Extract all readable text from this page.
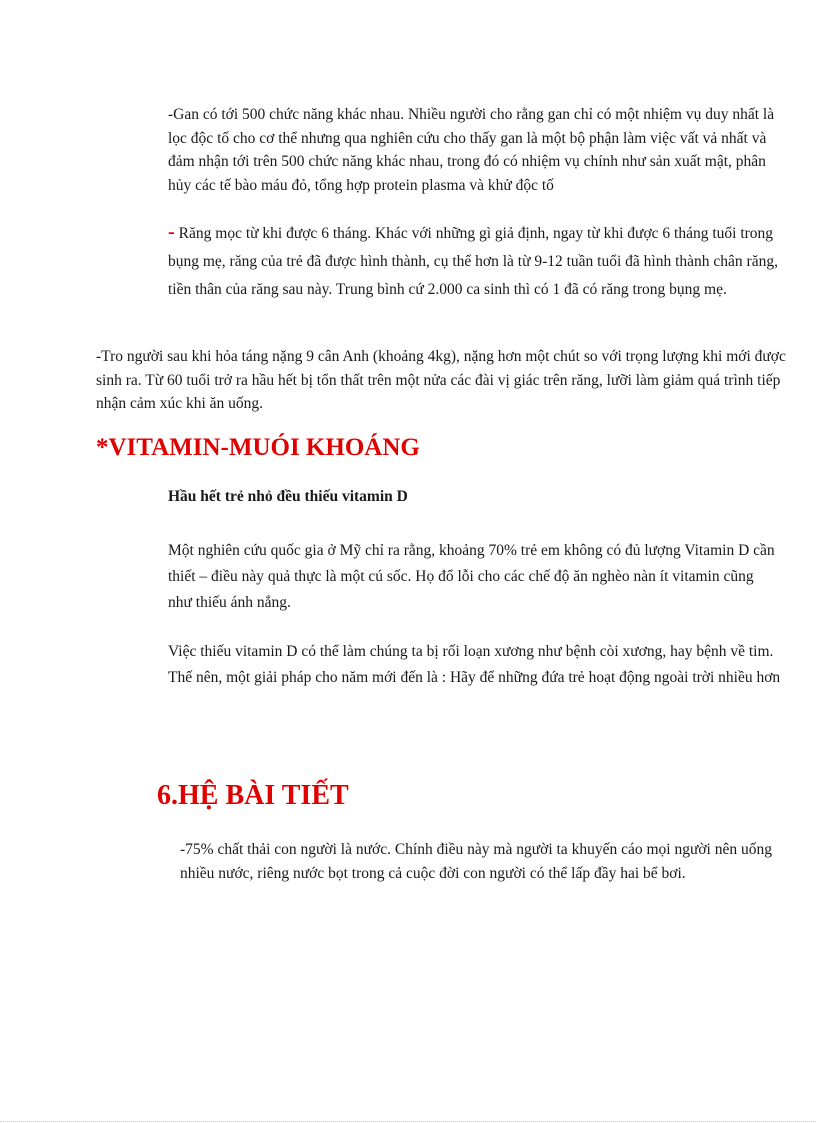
-Gan có tới 500 chức năng khác nhau. Nhiều người cho rằng gan chỉ có một nhiệm vụ duy nhất là lọc độc tố cho cơ thể nhưng qua nghiên cứu cho thấy gan là một bộ phận làm việc vất vả nhất và đảm nhận tới trên 500 chức năng khác nhau, trong đó có nhiệm vụ chính như sản xuất mật, phân hủy các tế bào máu đỏ, tổng hợp protein plasma và khử độc tố

- Răng mọc từ khi được 6 tháng. Khác với những gì giả định, ngay từ khi được 6 tháng tuổi trong bụng mẹ, răng của trẻ đã được hình thành, cụ thể hơn là từ 9-12 tuần tuổi đã hình thành chân răng, tiền thân của răng sau này. Trung bình cứ 2.000 ca sinh thì có 1 đã có răng trong bụng mẹ.

-Tro người sau khi hỏa táng nặng 9 cân Anh (khoảng 4kg), nặng hơn một chút so với trọng lượng khi mới được sinh ra. Từ 60 tuổi trở ra hầu hết bị tổn thất trên một nửa các đài vị giác trên răng, lưỡi làm giảm quá trình tiếp nhận cảm xúc khi ăn uống.

*VITAMIN-MUÓI KHOÁNG

Hầu hết trẻ nhỏ đều thiếu vitamin D

Một nghiên cứu quốc gia ở Mỹ chỉ ra rằng, khoảng 70% trẻ em không có đủ lượng Vitamin D cần thiết – điều này quả thực là một cú sốc. Họ đổ lỗi cho các chế độ ăn nghèo nàn ít vitamin cũng như thiếu ánh nắng.

Việc thiếu vitamin D có thể làm chúng ta bị rối loạn xương như bệnh còi xương, hay bệnh về tim. Thế nên, một giải pháp cho năm mới đến là : Hãy để những đứa trẻ hoạt động ngoài trời nhiều hơn

6.HỆ BÀI TIẾT

-75% chất thải con người là nước. Chính điều này mà người ta khuyến cáo mọi người nên uống nhiều nước, riêng nước bọt trong cả cuộc đời con người có thể lấp đầy hai bể bơi.
